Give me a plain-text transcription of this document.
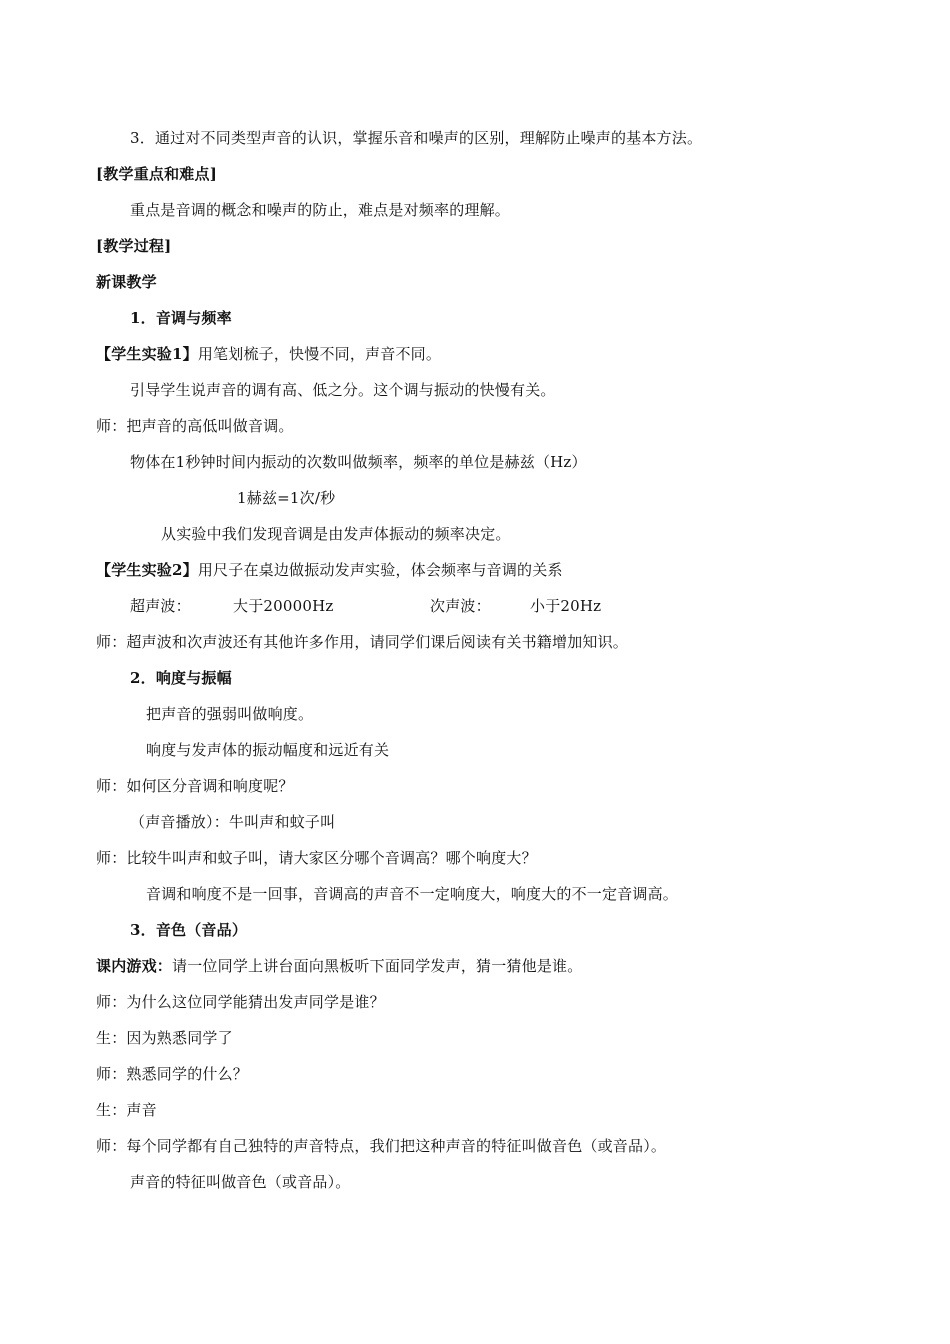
3．通过对不同类型声音的认识，掌握乐音和噪声的区别，理解防止噪声的基本方法。
[教学重点和难点]
重点是音调的概念和噪声的防止，难点是对频率的理解。
[教学过程]
新课教学
1．音调与频率
【学生实验1】用笔划梳子，快慢不同，声音不同。
引导学生说声音的调有高、低之分。这个调与振动的快慢有关。
师：把声音的高低叫做音调。
物体在1秒钟时间内振动的次数叫做频率，频率的单位是赫兹（Hz）
1赫兹=1次/秒
从实验中我们发现音调是由发声体振动的频率决定。
【学生实验2】用尺子在桌边做振动发声实验，体会频率与音调的关系
超声波：	大于20000Hz	次声波：	小于20Hz
师：超声波和次声波还有其他许多作用，请同学们课后阅读有关书籍增加知识。
2．响度与振幅
把声音的强弱叫做响度。
响度与发声体的振动幅度和远近有关
师：如何区分音调和响度呢？
（声音播放）：牛叫声和蚊子叫
师：比较牛叫声和蚊子叫，请大家区分哪个音调高？哪个响度大？
音调和响度不是一回事，音调高的声音不一定响度大，响度大的不一定音调高。
3．音色（音品）
课内游戏：请一位同学上讲台面向黑板听下面同学发声，猜一猜他是谁。
师：为什么这位同学能猜出发声同学是谁？
生：因为熟悉同学了
师：熟悉同学的什么？
生：声音
师：每个同学都有自己独特的声音特点，我们把这种声音的特征叫做音色（或音品）。
声音的特征叫做音色（或音品）。
